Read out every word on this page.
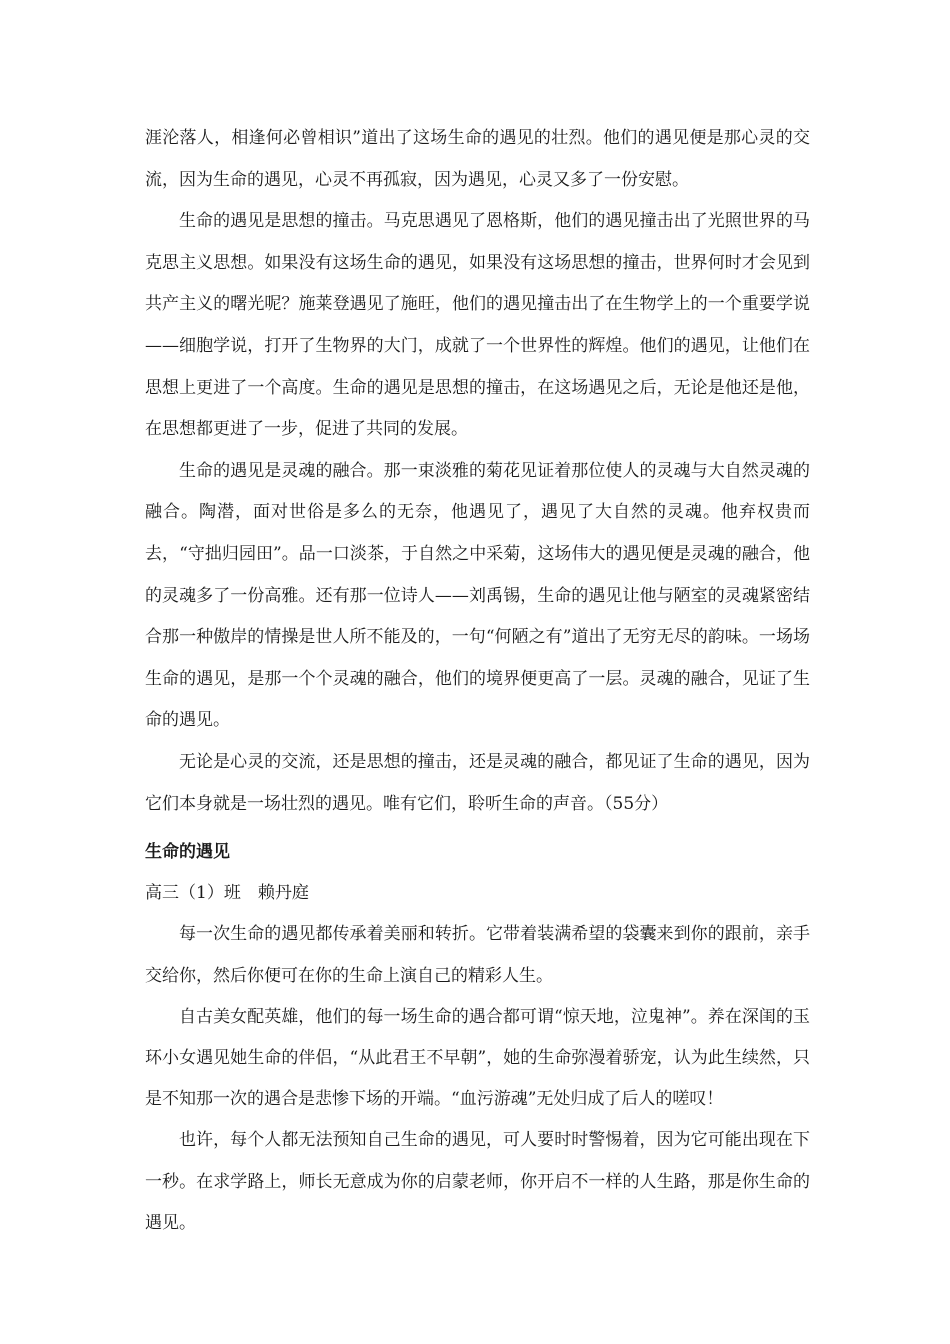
涯沦落人，相逢何必曾相识”道出了这场生命的遇见的壮烈。他们的遇见便是那心灵的交流，因为生命的遇见，心灵不再孤寂，因为遇见，心灵又多了一份安慰。

生命的遇见是思想的撞击。马克思遇见了恩格斯，他们的遇见撞击出了光照世界的马克思主义思想。如果没有这场生命的遇见，如果没有这场思想的撞击，世界何时才会见到共产主义的曙光呢？施莱登遇见了施旺，他们的遇见撞击出了在生物学上的一个重要学说——细胞学说，打开了生物界的大门，成就了一个世界性的辉煌。他们的遇见，让他们在思想上更进了一个高度。生命的遇见是思想的撞击，在这场遇见之后，无论是他还是他，在思想都更进了一步，促进了共同的发展。

生命的遇见是灵魂的融合。那一束淡雅的菊花见证着那位使人的灵魂与大自然灵魂的融合。陶潜，面对世俗是多么的无奈，他遇见了，遇见了大自然的灵魂。他弃权贵而去，“守拙归园田”。品一口淡茶，于自然之中采菊，这场伟大的遇见便是灵魂的融合，他的灵魂多了一份高雅。还有那一位诗人——刘禹锡，生命的遇见让他与陋室的灵魂紧密结合那一种傲岸的情操是世人所不能及的，一句“何陋之有”道出了无穷无尽的韵味。一场场生命的遇见，是那一个个灵魂的融合，他们的境界便更高了一层。灵魂的融合，见证了生命的遇见。

无论是心灵的交流，还是思想的撞击，还是灵魂的融合，都见证了生命的遇见，因为它们本身就是一场壮烈的遇见。唯有它们，聆听生命的声音。（55分）

生命的遇见

高三（1）班　赖丹庭

每一次生命的遇见都传承着美丽和转折。它带着装满希望的袋囊来到你的跟前，亲手交给你，然后你便可在你的生命上演自己的精彩人生。

自古美女配英雄，他们的每一场生命的遇合都可谓“惊天地，泣鬼神”。养在深闺的玉环小女遇见她生命的伴侣，“从此君王不早朝”，她的生命弥漫着骄宠，认为此生续然，只是不知那一次的遇合是悲惨下场的开端。“血污游魂”无处归成了后人的嗟叹！

也许，每个人都无法预知自己生命的遇见，可人要时时警惕着，因为它可能出现在下一秒。在求学路上，师长无意成为你的启蒙老师，你开启不一样的人生路，那是你生命的遇见。
